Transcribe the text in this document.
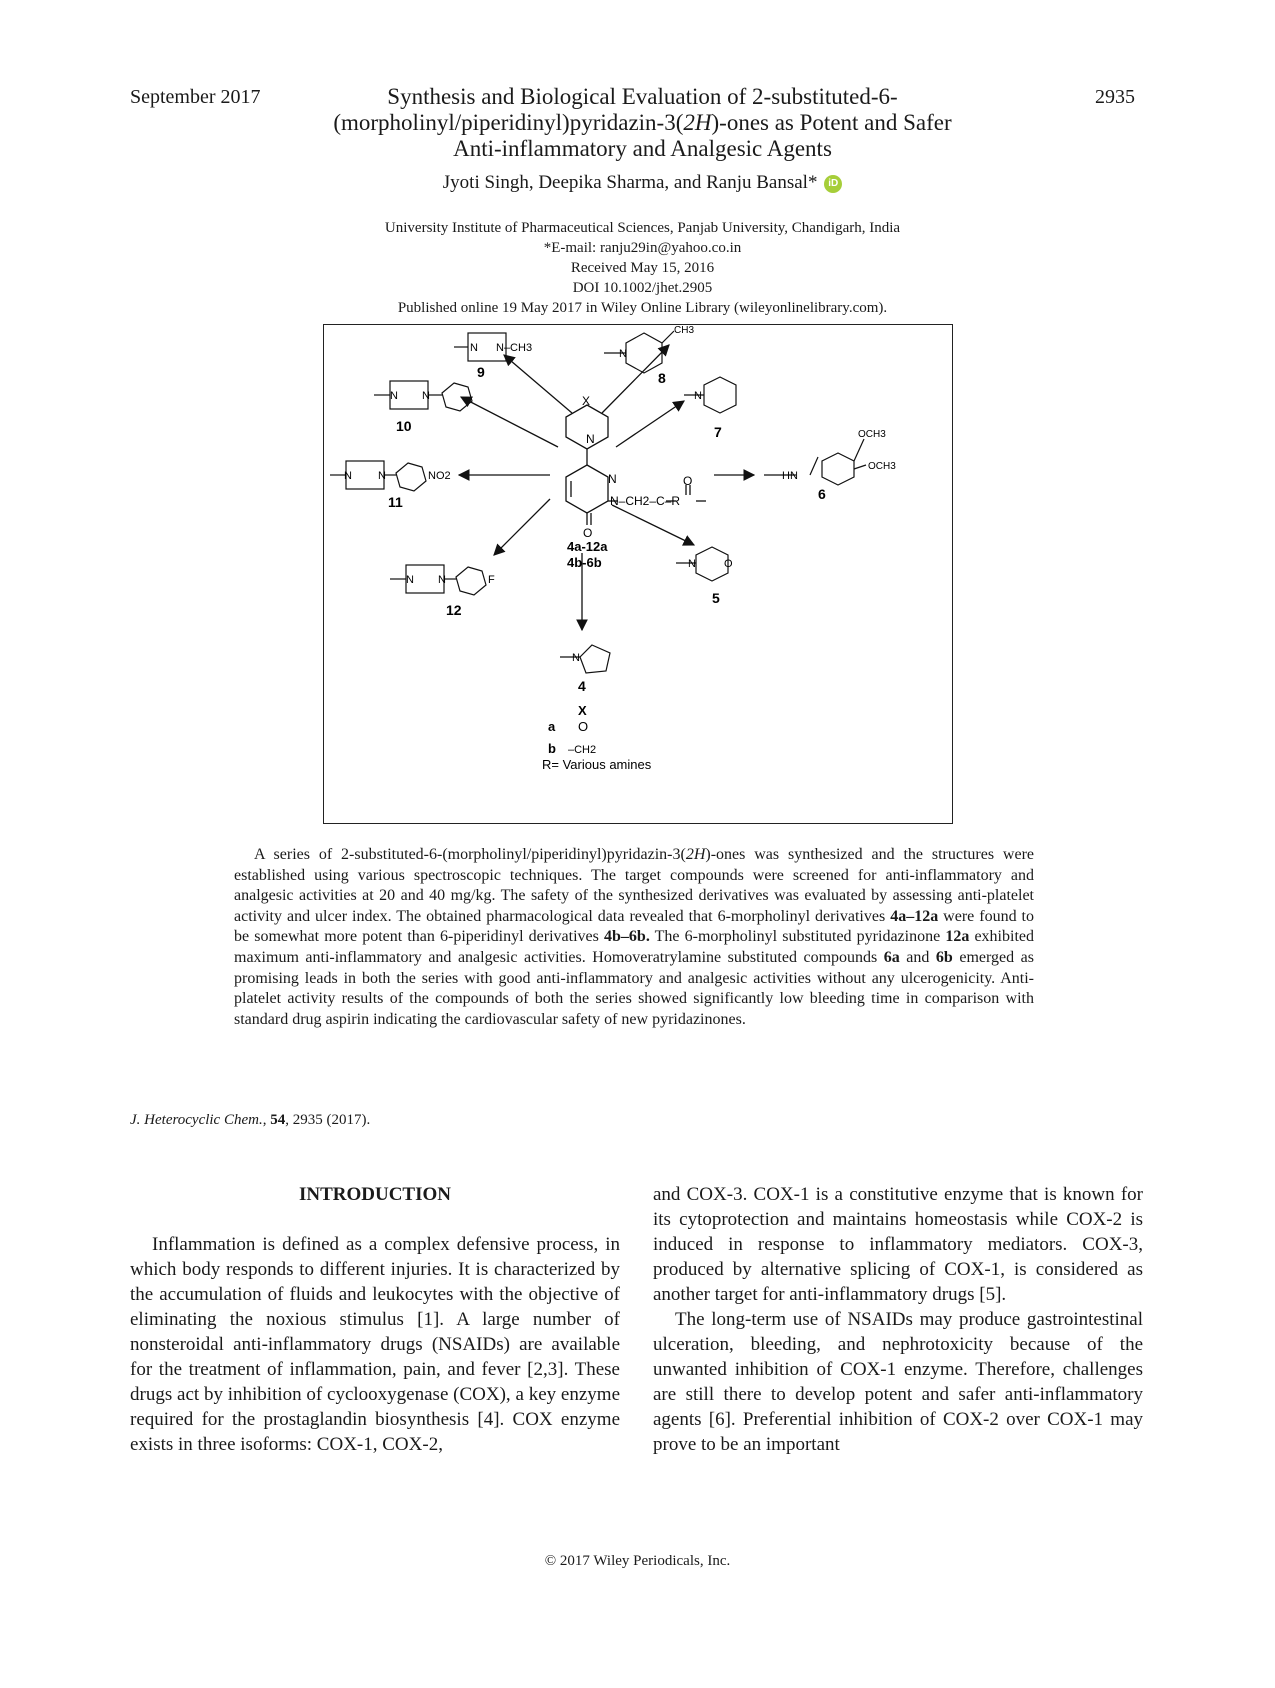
September 2017	2935
Synthesis and Biological Evaluation of 2-substituted-6-
(morpholinyl/piperidinyl)pyridazin-3(2H)-ones as Potent and Safer
Anti-inflammatory and Analgesic Agents
Jyoti Singh, Deepika Sharma, and Ranju Bansal* iD
University Institute of Pharmaceutical Sciences, Panjab University, Chandigarh, India
*E-mail: ranju29in@yahoo.co.in
Received May 15, 2016
DOI 10.1002/jhet.2905
Published online 19 May 2017 in Wiley Online Library (wileyonlinelibrary.com).
X
N
N
N–CH2–C–R
O
O
4a-12a
4b-6b
N N–CH3
9
N
CH3
8
N N
10
N
7
N N	NO2
11
HN
OCH3
OCH3
6
N N	F
12
N	O
5
N
4
X
a O
b –CH2
R= Various amines

A series of 2-substituted-6-(morpholinyl/piperidinyl)pyridazin-3(2H)-ones was synthesized and the structures were established using various spectroscopic techniques. The target compounds were screened for anti-inflammatory and analgesic activities at 20 and 40 mg/kg. The safety of the synthesized derivatives was evaluated by assessing anti-platelet activity and ulcer index. The obtained pharmacological data revealed that 6-morpholinyl derivatives 4a–12a were found to be somewhat more potent than 6-piperidinyl derivatives 4b–6b. The 6-morpholinyl substituted pyridazinone 12a exhibited maximum anti-inflammatory and analgesic activities. Homoveratrylamine substituted compounds 6a and 6b emerged as promising leads in both the series with good anti-inflammatory and analgesic activities without any ulcerogenicity. Anti-platelet activity results of the compounds of both the series showed significantly low bleeding time in comparison with standard drug aspirin indicating the cardiovascular safety of new pyridazinones.

J. Heterocyclic Chem., 54, 2935 (2017).
INTRODUCTION

Inflammation is defined as a complex defensive process, in which body responds to different injuries. It is characterized by the accumulation of fluids and leukocytes with the objective of eliminating the noxious stimulus [1]. A large number of nonsteroidal anti-inflammatory drugs (NSAIDs) are available for the treatment of inflammation, pain, and fever [2,3]. These drugs act by inhibition of cyclooxygenase (COX), a key enzyme required for the prostaglandin biosynthesis [4]. COX enzyme exists in three isoforms: COX-1, COX-2,

and COX-3. COX-1 is a constitutive enzyme that is known for its cytoprotection and maintains homeostasis while COX-2 is induced in response to inflammatory mediators. COX-3, produced by alternative splicing of COX-1, is considered as another target for anti-inflammatory drugs [5].

The long-term use of NSAIDs may produce gastrointestinal ulceration, bleeding, and nephrotoxicity because of the unwanted inhibition of COX-1 enzyme. Therefore, challenges are still there to develop potent and safer anti-inflammatory agents [6]. Preferential inhibition of COX-2 over COX-1 may prove to be an important

© 2017 Wiley Periodicals, Inc.
